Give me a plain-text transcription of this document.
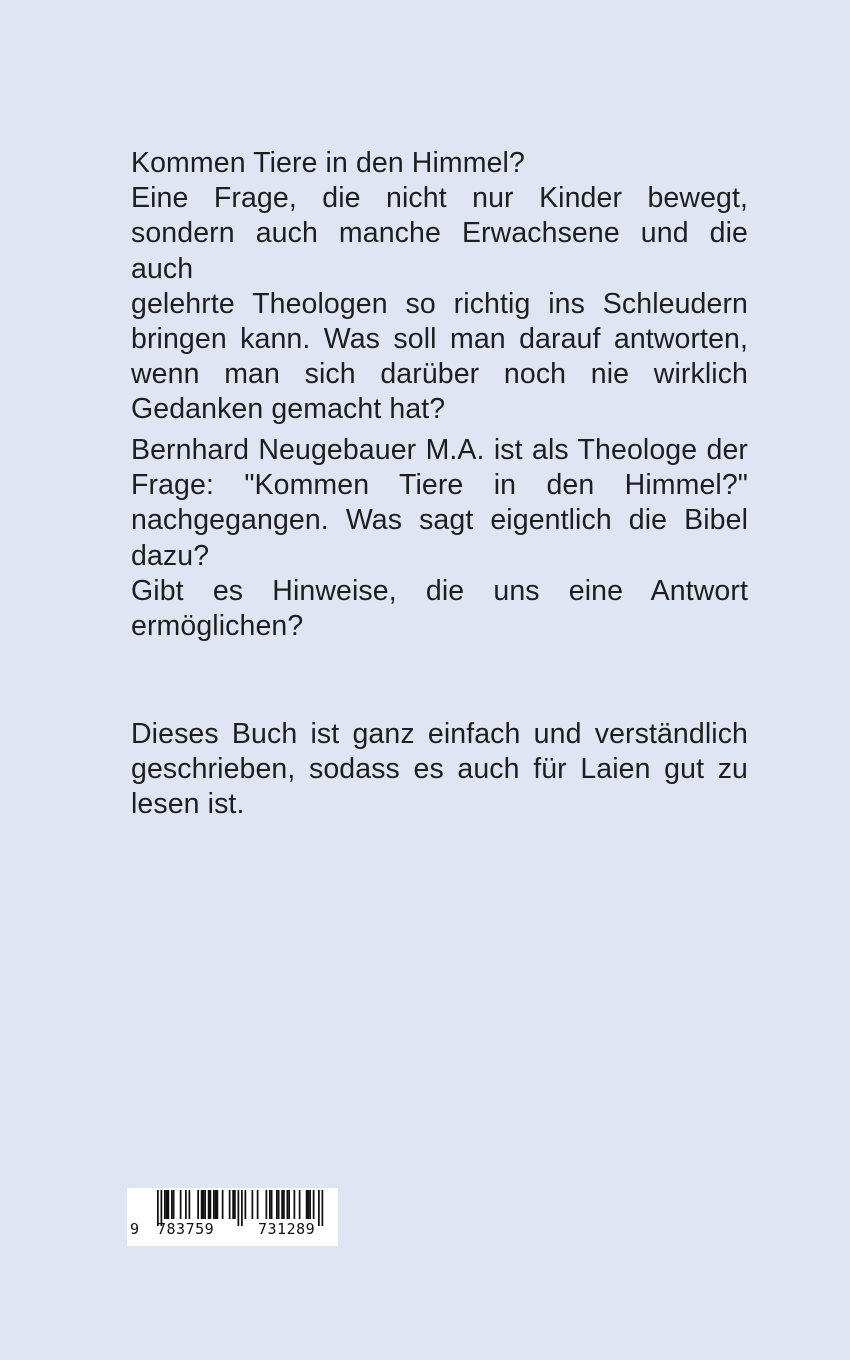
Kommen Tiere in den Himmel?
Eine Frage, die nicht nur Kinder bewegt,
sondern auch manche Erwachsene und die auch
gelehrte Theologen so richtig ins Schleudern
bringen kann. Was soll man darauf antworten,
wenn man sich darüber noch nie wirklich
Gedanken gemacht hat?
Bernhard Neugebauer M.A. ist als Theologe der
Frage: "Kommen Tiere in den Himmel?"
nachgegangen. Was sagt eigentlich die Bibel
dazu?
Gibt es Hinweise, die uns eine Antwort
ermöglichen?
Dieses Buch ist ganz einfach und verständlich
geschrieben, sodass es auch für Laien gut zu
lesen ist.
9 783759	731289
